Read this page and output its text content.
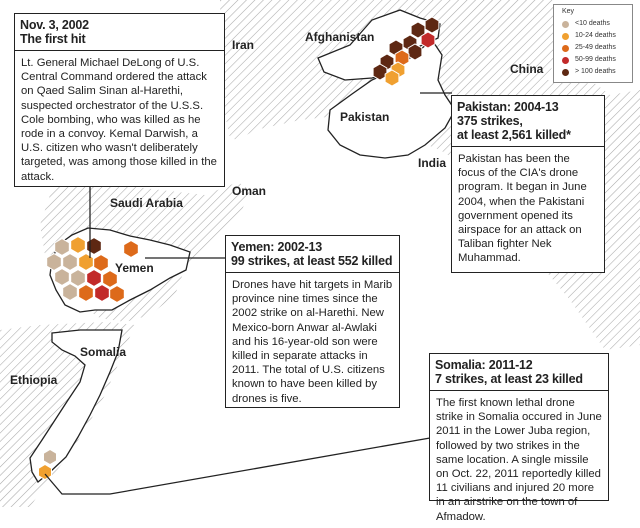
Iran
Afghanistan
China
Pakistan
India
Oman
Saudi Arabia
Yemen
Somalia
Ethiopia
Key
<10 deaths
10-24 deaths
25-49 deaths
50-99 deaths
> 100 deaths
Nov. 3, 2002
The first hit
Lt. General Michael DeLong of U.S. Central Command ordered the attack on Qaed Salim Sinan al-Harethi, suspected orchestrator of the U.S.S. Cole bombing, who was killed as he rode in a convoy. Kemal Darwish, a U.S. citizen who wasn't deliberately targeted, was among those killed in the attack.
Pakistan: 2004-13
375 strikes,
at least 2,561 killed*
Pakistan has been the focus of the CIA's drone program. It began in June 2004, when the Pakistani government opened its airspace for an attack on Taliban fighter Nek Muhammad.
Yemen: 2002-13
99 strikes, at least 552 killed
Drones have hit targets in Marib province nine times since the 2002 strike on al-Harethi. New Mexico-born Anwar al-Awlaki and his 16-year-old son were killed in separate attacks in 2011. The total of U.S. citizens known to have been killed by drones is five.
Somalia: 2011-12
7 strikes, at least 23 killed
The first known lethal drone strike in Somalia occured in June 2011 in the Lower Juba region, followed by two strikes in the same location. A single missile on Oct. 22, 2011 reportedly killed 11 civilians and injured 20 more in an airstrike on the town of Afmadow.
